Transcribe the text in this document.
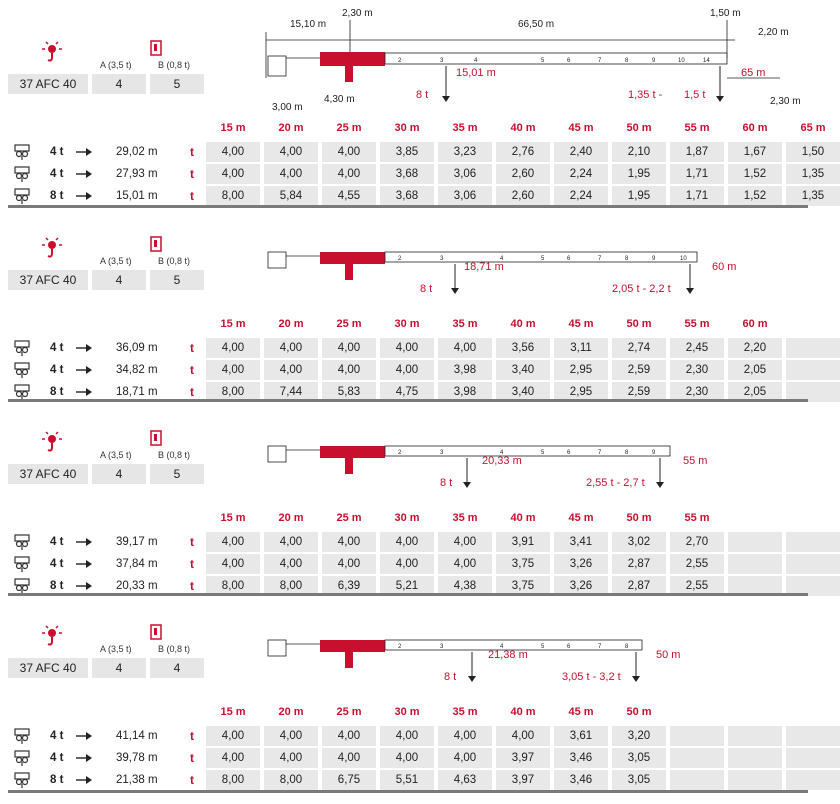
A (3,5 t)	B (0,8 t)
37 AFC 40	4	5
15,10 m
2,30 m
66,50 m
1,50 m
2,20 m
3,00 m
4,30 m	2,30 m
2	3	4	5	6	7	8	9	10	14
15,01 m
8 t	1,35 t - 1,5 t
65 m
15 m	20 m	25 m	30 m	35 m	40 m	45 m	50 m	55 m	60 m	65 m
4 t	29,02 m	t	4,00	4,00	4,00	3,85	3,23	2,76	2,40	2,10	1,87	1,67	1,50
4 t	27,93 m	t	4,00	4,00	4,00	3,68	3,06	2,60	2,24	1,95	1,71	1,52	1,35
8 t	15,01 m	t	8,00	5,84	4,55	3,68	3,06	2,60	2,24	1,95	1,71	1,52	1,35
A (3,5 t)	B (0,8 t)
37 AFC 40	4	5
2	3	4	5	6	7	8	9	10
18,71 m
8 t	2,05 t - 2,2 t
60 m
15 m	20 m	25 m	30 m	35 m	40 m	45 m	50 m	55 m	60 m
4 t	36,09 m	t	4,00	4,00	4,00	4,00	4,00	3,56	3,11	2,74	2,45	2,20
4 t	34,82 m	t	4,00	4,00	4,00	4,00	3,98	3,40	2,95	2,59	2,30	2,05
8 t	18,71 m	t	8,00	7,44	5,83	4,75	3,98	3,40	2,95	2,59	2,30	2,05
A (3,5 t)	B (0,8 t)
37 AFC 40	4	5
2	3	4	5	6	7	8	9
20,33 m
8 t	2,55 t - 2,7 t
55 m
15 m	20 m	25 m	30 m	35 m	40 m	45 m	50 m	55 m
4 t	39,17 m	t	4,00	4,00	4,00	4,00	4,00	3,91	3,41	3,02	2,70
4 t	37,84 m	t	4,00	4,00	4,00	4,00	4,00	3,75	3,26	2,87	2,55
8 t	20,33 m	t	8,00	8,00	6,39	5,21	4,38	3,75	3,26	2,87	2,55
A (3,5 t)	B (0,8 t)
37 AFC 40	4	4
2	3	4	5	6	7	8
21,38 m
8 t	3,05 t - 3,2 t
50 m
15 m	20 m	25 m	30 m	35 m	40 m	45 m	50 m
4 t	41,14 m	t	4,00	4,00	4,00	4,00	4,00	4,00	3,61	3,20
4 t	39,78 m	t	4,00	4,00	4,00	4,00	4,00	3,97	3,46	3,05
8 t	21,38 m	t	8,00	8,00	6,75	5,51	4,63	3,97	3,46	3,05
